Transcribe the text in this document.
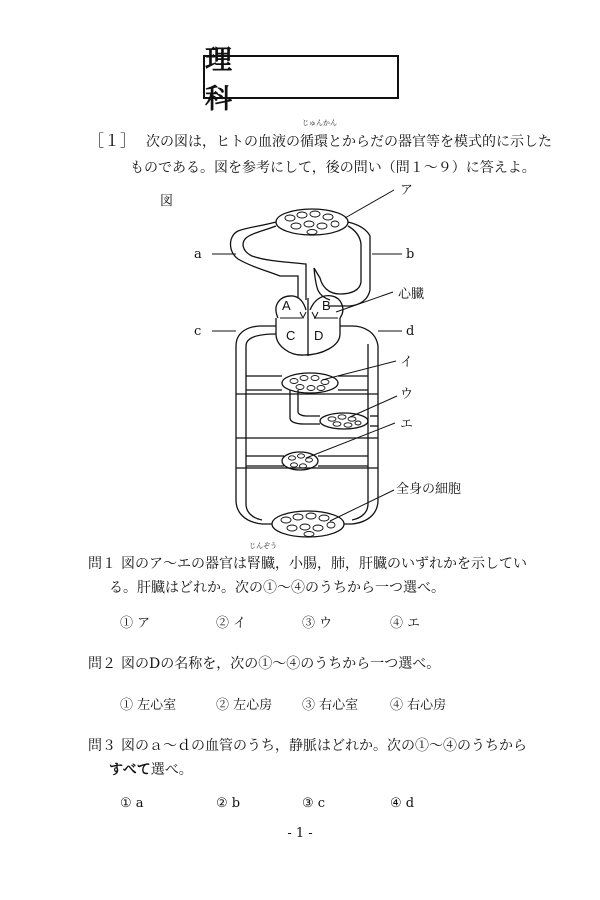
理　　科
［１］ 次の図は，ヒトの血液の
じゅんかん
循環とからだの器官等を模式的に示した
ものである。図を参考にして，後の問い（問１～９）に答えよ。
図
A B
C D
ア
a	b
心臓
c	d
イ
ウ
エ
全身の細胞
問１ 図のア～エの器官は
じんぞう
腎臓，小腸，肺，肝臓のいずれかを示してい
る。肝臓はどれか。次の①～④のうちから一つ選べ。
① ア	② イ	③ ウ	④ エ
問２ 図のDの名称を，次の①～④のうちから一つ選べ。
① 左心室	② 左心房 ③ 右心室 ④ 右心房
問３ 図のａ～ｄの血管のうち，静脈はどれか。次の①～④のうちから
すべて選べ。
① a	② b	③ c	④ d
- 1 -
